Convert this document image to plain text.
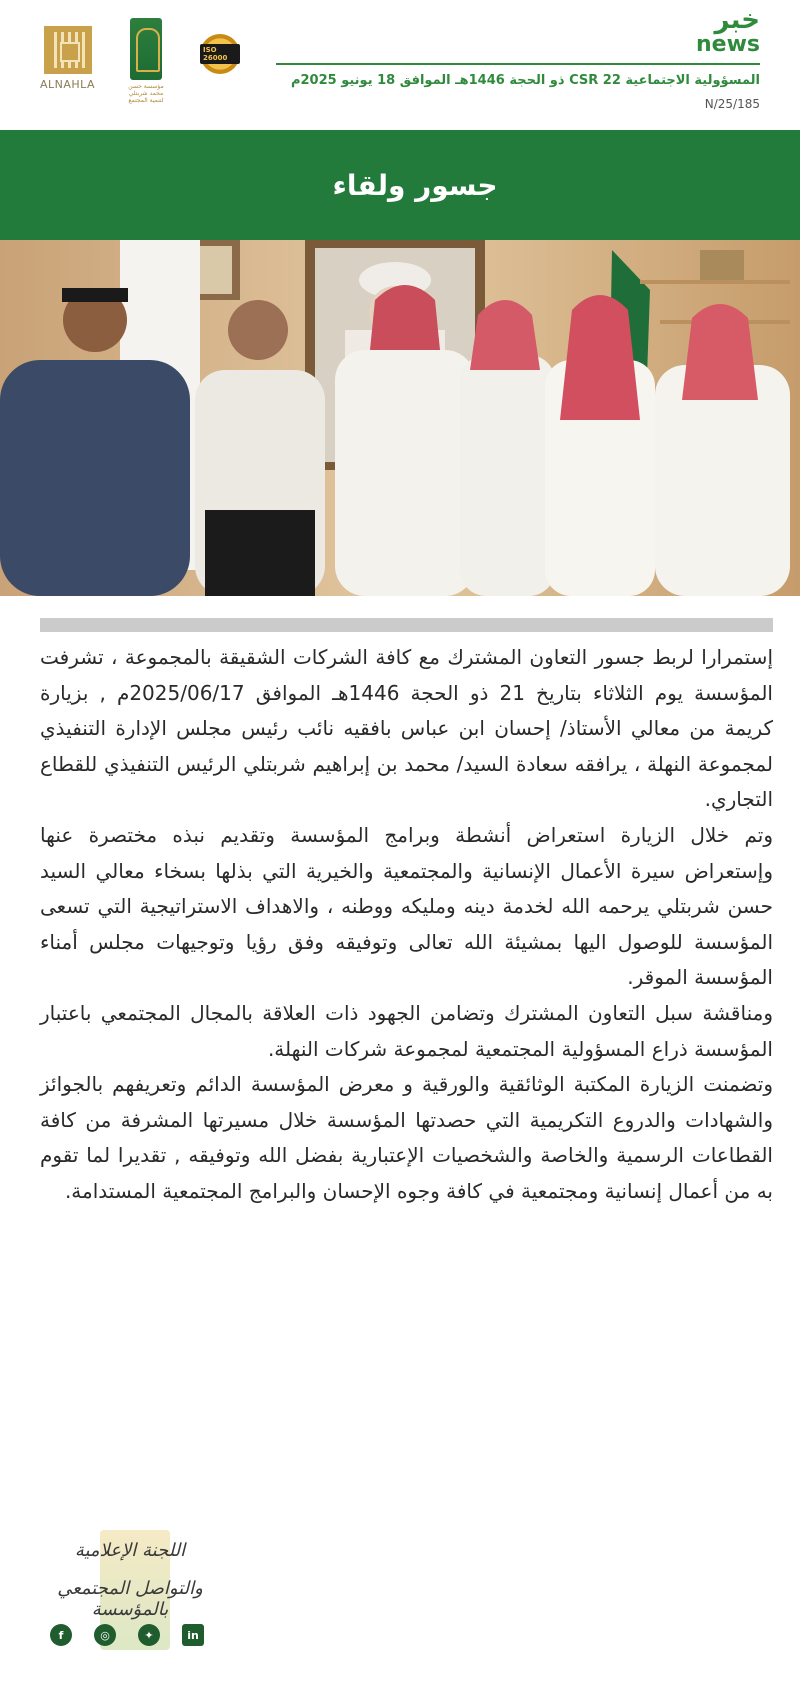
ALNAHLA	مؤسسة حسن محمد شربتلي لتنمية المجتمع
ISO 26000
خبر
news
المسؤولية الاجتماعية CSR 22 ذو الحجة 1446هـ الموافق 18 يونيو 2025م
N/25/185
جسور ولقاء

إستمرارا لربط جسور التعاون المشترك مع كافة الشركات الشقيقة بالمجموعة ، تشرفت المؤسسة يوم الثلاثاء بتاريخ 21 ذو الحجة 1446هـ الموافق 2025/06/17م , بزيارة كريمة من معالي الأستاذ/ إحسان ابن عباس بافقيه نائب رئيس مجلس الإدارة التنفيذي لمجموعة النهلة ، يرافقه سعادة السيد/ محمد بن إبراهيم شربتلي الرئيس التنفيذي للقطاع التجاري.

وتم خلال الزيارة استعراض أنشطة وبرامج المؤسسة وتقديم نبذه مختصرة عنها وإستعراض سيرة الأعمال الإنسانية والمجتمعية والخيرية التي بذلها بسخاء معالي السيد حسن شربتلي يرحمه الله لخدمة دينه ومليكه ووطنه ، والاهداف الاستراتيجية التي تسعى المؤسسة للوصول اليها بمشيئة الله تعالى وتوفيقه وفق رؤيا وتوجيهات مجلس أمناء المؤسسة الموقر.

ومناقشة سبل التعاون المشترك وتضامن الجهود ذات العلاقة بالمجال المجتمعي باعتبار المؤسسة ذراع المسؤولية المجتمعية لمجموعة شركات النهلة.

وتضمنت الزيارة المكتبة الوثائقية والورقية و معرض المؤسسة الدائم وتعريفهم بالجوائز والشهادات والدروع التكريمية التي حصدتها المؤسسة خلال مسيرتها المشرفة من كافة القطاعات الرسمية والخاصة والشخصيات الإعتبارية بفضل الله وتوفيقه , تقديرا لما تقوم به من أعمال إنسانية ومجتمعية في كافة وجوه الإحسان والبرامج المجتمعية المستدامة.

اللجنة الإعلامية
والتواصل المجتمعي بالمؤسسة
f	◎	✦	in
